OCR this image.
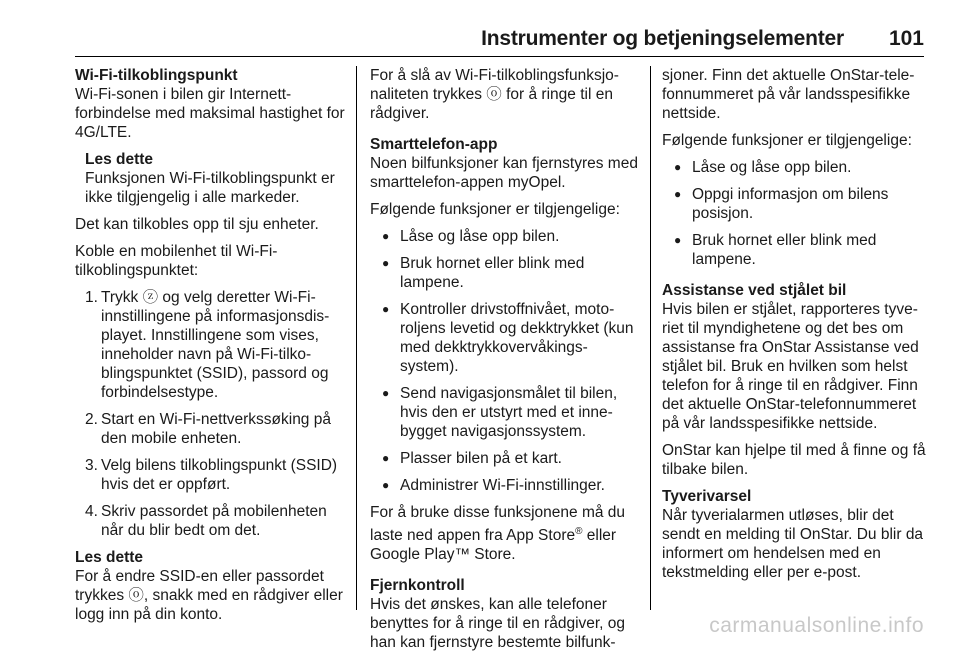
Instrumenter og betjeningselementer 101
Wi-Fi-tilkoblingspunkt

Wi-Fi-sonen i bilen gir Internett-forbindelse med maksimal hastighet for 4G/LTE.

Les dette
Funksjonen Wi-Fi-tilkoblingspunkt er ikke tilgjengelig i alle markeder.

Det kan tilkobles opp til sju enheter.

Koble en mobilenhet til Wi-Fi-tilkoblingspunktet:

1. Trykk ⓩ og velg deretter Wi-Fi-innstillingene på informasjonsdisplayet. Innstillingene som vises, inneholder navn på Wi-Fi-tilkoblingspunktet (SSID), passord og forbindelsestype.
2. Start en Wi-Fi-nettverkssøking på den mobile enheten.
3. Velg bilens tilkoblingspunkt (SSID) hvis det er oppført.
4. Skriv passordet på mobilenheten når du blir bedt om det.
Les dette
For å endre SSID-en eller passordet trykkes ⓞ, snakk med en rådgiver eller logg inn på din konto.

For å slå av Wi-Fi-tilkoblingsfunksjonaliteten trykkes ⓞ for å ringe til en rådgiver.

Smarttelefon-app

Noen bilfunksjoner kan fjernstyres med smarttelefon-appen myOpel.

Følgende funksjoner er tilgjengelige:

● Låse og låse opp bilen.
● Bruk hornet eller blink med lampene.
● Kontroller drivstoffnivået, motoroljens levetid og dekktrykket (kun med dekktrykkovervåkingssystem).
● Send navigasjonsmålet til bilen, hvis den er utstyrt med et innebygget navigasjonssystem.
● Plasser bilen på et kart.
● Administrer Wi-Fi-innstillinger.

For å bruke disse funksjonene må du laste ned appen fra App Store® eller Google Play™ Store.

Fjernkontroll

Hvis det ønskes, kan alle telefoner benyttes for å ringe til en rådgiver, og han kan fjernstyre bestemte bilfunk-

sjoner. Finn det aktuelle OnStar-telefonnummeret på vår landsspesifikke nettside.

Følgende funksjoner er tilgjengelige:

● Låse og låse opp bilen.
● Oppgi informasjon om bilens posisjon.
● Bruk hornet eller blink med lampene.
Assistanse ved stjålet bil

Hvis bilen er stjålet, rapporteres tyveriet til myndighetene og det bes om assistanse fra OnStar Assistanse ved stjålet bil. Bruk en hvilken som helst telefon for å ringe til en rådgiver. Finn det aktuelle OnStar-telefonnummeret på vår landsspesifikke nettside.

OnStar kan hjelpe til med å finne og få tilbake bilen.

Tyverivarsel

Når tyverialarmen utløses, blir det sendt en melding til OnStar. Du blir da informert om hendelsen med en tekstmelding eller per e-post.

carmanualsonline.info
